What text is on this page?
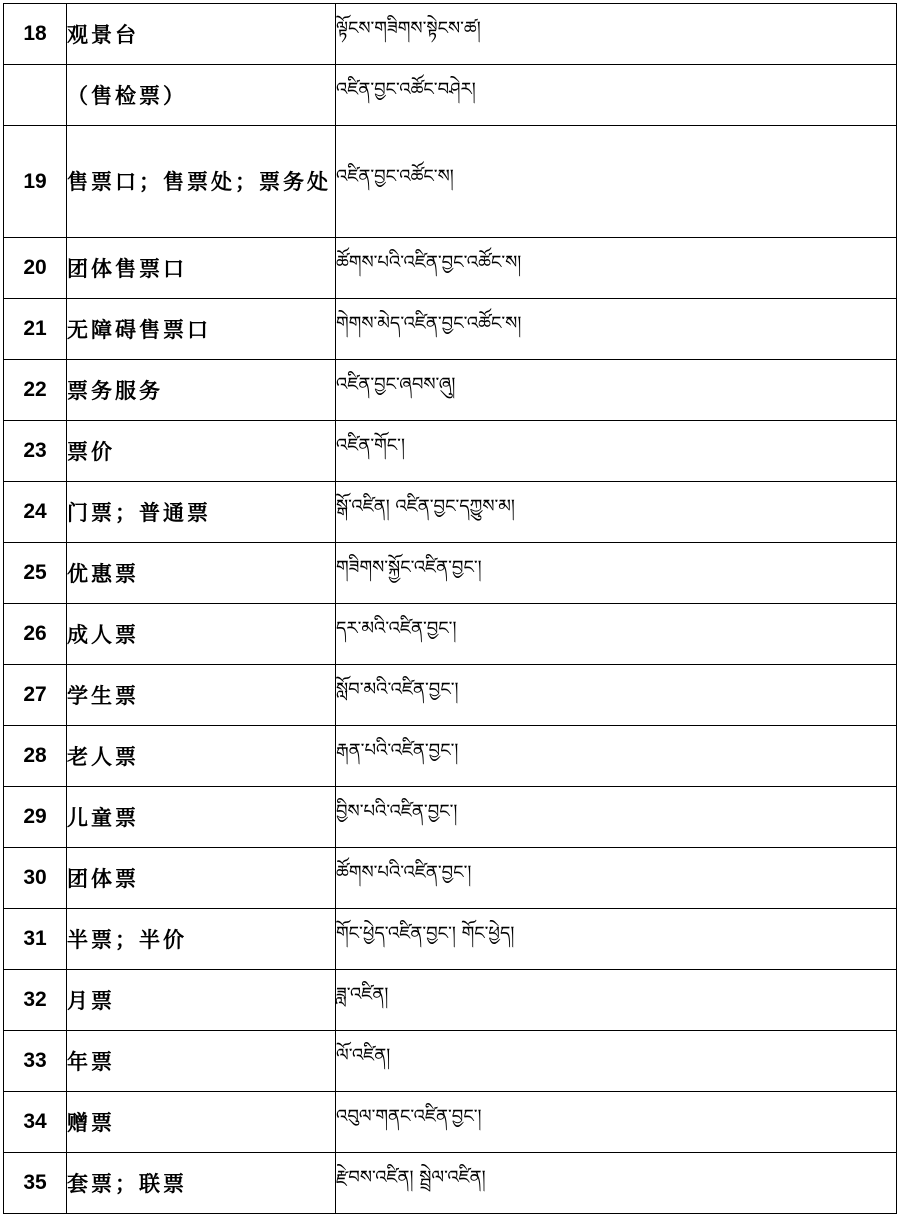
18	观景台	ལྟོངས་གཟིགས་སྟེངས་ཚ།
	（售检票）	འཛིན་བྱང་འཚོང་བཤེར།
19	售票口；售票处；票务处	འཛིན་བྱང་འཚོང་ས།
20	团体售票口	ཚོགས་པའི་འཛིན་བྱང་འཚོང་ས།
21	无障碍售票口	གེགས་མེད་འཛིན་བྱང་འཚོང་ས།
22	票务服务	འཛིན་བྱང་ཞབས་ཞུ།
23	票价	འཛིན་གོང་།
24	门票；普通票	སྒོ་འཛིན། འཛིན་བྱང་དཀྱུས་མ།
25	优惠票	གཟིགས་སྐྱོང་འཛིན་བྱང་།
26	成人票	དར་མའི་འཛིན་བྱང་།
27	学生票	སློབ་མའི་འཛིན་བྱང་།
28	老人票	རྒན་པའི་འཛིན་བྱང་།
29	儿童票	བྱིས་པའི་འཛིན་བྱང་།
30	团体票	ཚོགས་པའི་འཛིན་བྱང་།
31	半票；半价	གོང་ཕྱེད་འཛིན་བྱང་། གོང་ཕྱེད།
32	月票	ཟླ་འཛིན།
33	年票	ལོ་འཛིན།
34	赠票	འབུལ་གནང་འཛིན་བྱང་།
35	套票；联票	རྫེབས་འཛིན། སྦྲེལ་འཛིན།
